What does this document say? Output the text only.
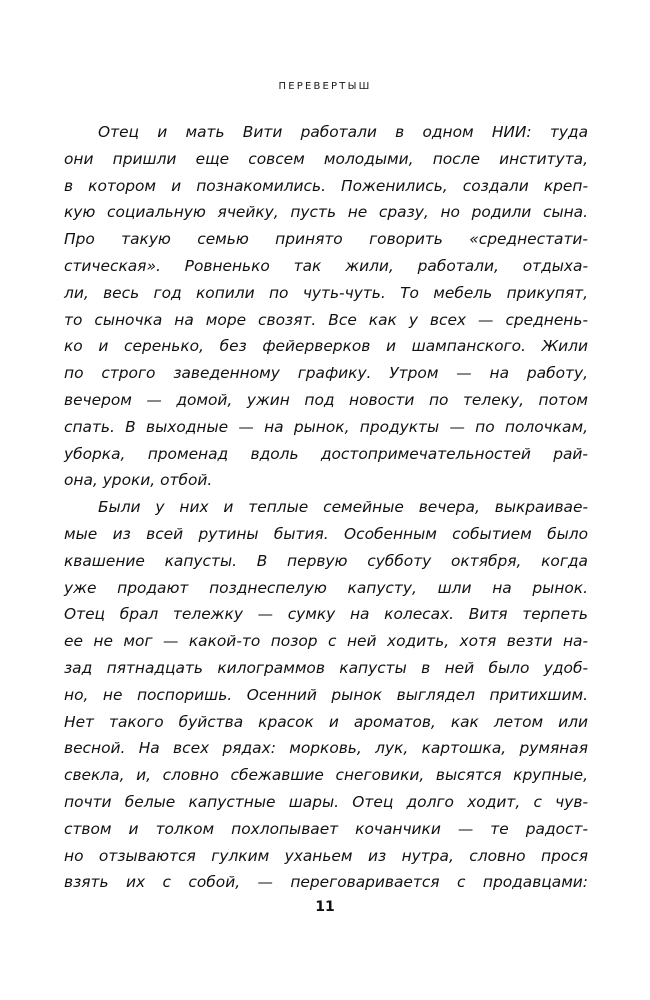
ПЕРЕВЕРТЫШ
Отец и мать Вити работали в одном НИИ: туда
они пришли еще совсем молодыми, после института,
в котором и познакомились. Поженились, создали креп-
кую социальную ячейку, пусть не сразу, но родили сына.
Про такую семью принято говорить «среднестати-
стическая». Ровненько так жили, работали, отдыха-
ли, весь год копили по чуть-чуть. То мебель прикупят,
то сыночка на море свозят. Все как у всех — среднень-
ко и серенько, без фейерверков и шампанского. Жили
по строго заведенному графику. Утром — на работу,
вечером — домой, ужин под новости по телеку, потом
спать. В выходные — на рынок, продукты — по полочкам,
уборка, променад вдоль достопримечательностей рай-
она, уроки, отбой.
Были у них и теплые семейные вечера, выкраивае-
мые из всей рутины бытия. Особенным событием было
квашение капусты. В первую субботу октября, когда
уже продают позднеспелую капусту, шли на рынок.
Отец брал тележку — сумку на колесах. Витя терпеть
ее не мог — какой-то позор с ней ходить, хотя везти на-
зад пятнадцать килограммов капусты в ней было удоб-
но, не поспоришь. Осенний рынок выглядел притихшим.
Нет такого буйства красок и ароматов, как летом или
весной. На всех рядах: морковь, лук, картошка, румяная
свекла, и, словно сбежавшие снеговики, высятся крупные,
почти белые капустные шары. Отец долго ходит, с чув-
ством и толком похлопывает кочанчики — те радост-
но отзываются гулким уханьем из нутра, словно прося
взять их с собой, — переговаривается с продавцами:
11
